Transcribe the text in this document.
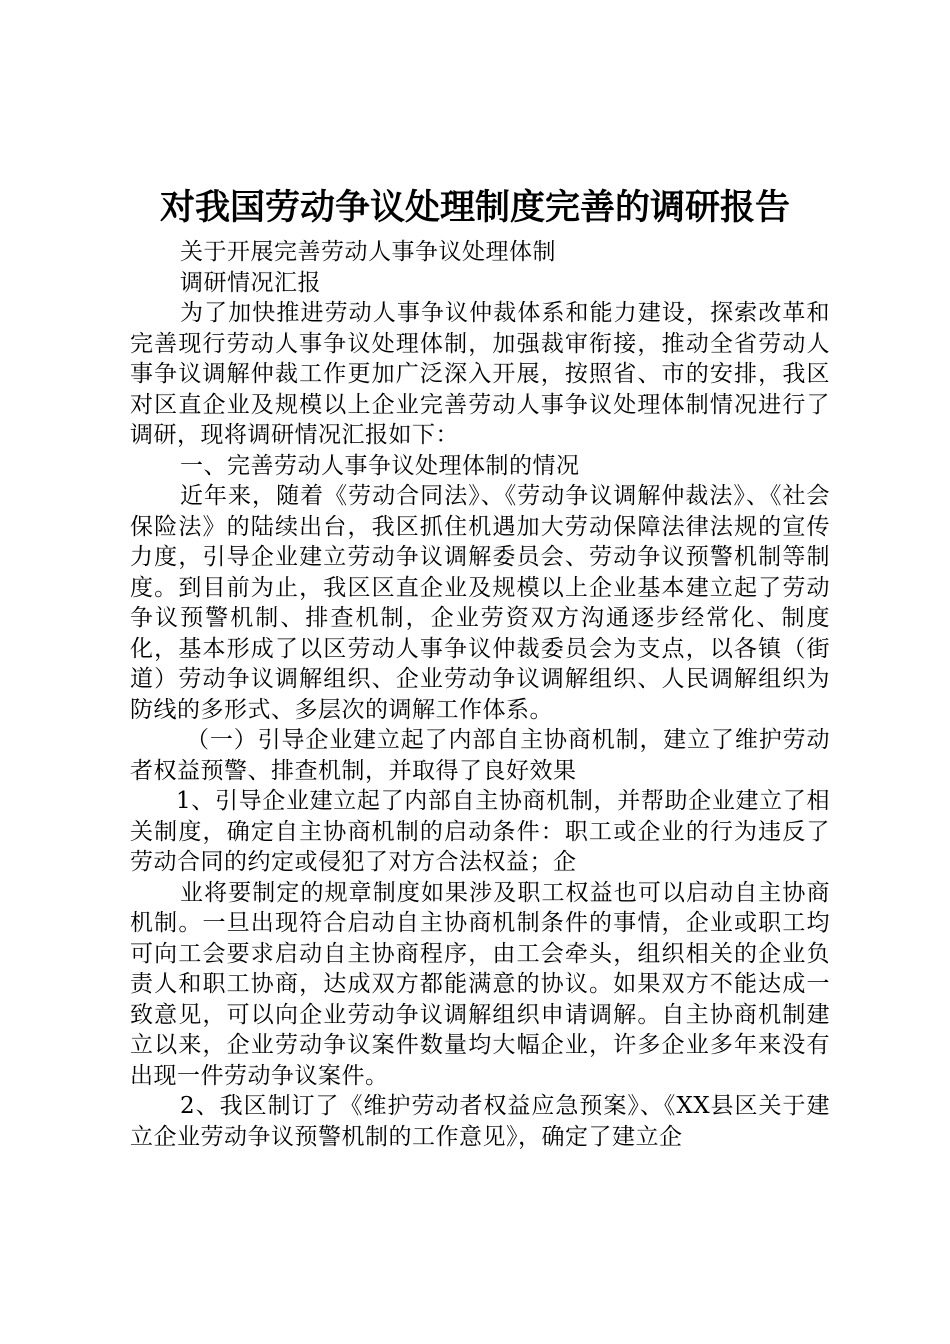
对我国劳动争议处理制度完善的调研报告

关于开展完善劳动人事争议处理体制

调研情况汇报

为了加快推进劳动人事争议仲裁体系和能力建设，探索改革和完善现行劳动人事争议处理体制，加强裁审衔接，推动全省劳动人事争议调解仲裁工作更加广泛深入开展，按照省、市的安排，我区对区直企业及规模以上企业完善劳动人事争议处理体制情况进行了调研，现将调研情况汇报如下：

一、完善劳动人事争议处理体制的情况

近年来，随着《劳动合同法》、《劳动争议调解仲裁法》、《社会保险法》的陆续出台，我区抓住机遇加大劳动保障法律法规的宣传力度，引导企业建立劳动争议调解委员会、劳动争议预警机制等制度。到目前为止，我区区直企业及规模以上企业基本建立起了劳动争议预警机制、排查机制，企业劳资双方沟通逐步经常化、制度化，基本形成了以区劳动人事争议仲裁委员会为支点，以各镇（街道）劳动争议调解组织、企业劳动争议调解组织、人民调解组织为防线的多形式、多层次的调解工作体系。

（一）引导企业建立起了内部自主协商机制，建立了维护劳动者权益预警、排查机制，并取得了良好效果

1、引导企业建立起了内部自主协商机制，并帮助企业建立了相关制度，确定自主协商机制的启动条件：职工或企业的行为违反了劳动合同的约定或侵犯了对方合法权益；企

业将要制定的规章制度如果涉及职工权益也可以启动自主协商机制。一旦出现符合启动自主协商机制条件的事情，企业或职工均可向工会要求启动自主协商程序，由工会牵头，组织相关的企业负责人和职工协商，达成双方都能满意的协议。如果双方不能达成一致意见，可以向企业劳动争议调解组织申请调解。自主协商机制建立以来，企业劳动争议案件数量均大幅企业，许多企业多年来没有出现一件劳动争议案件。

2、我区制订了《维护劳动者权益应急预案》、《XX县区关于建立企业劳动争议预警机制的工作意见》，确定了建立企
